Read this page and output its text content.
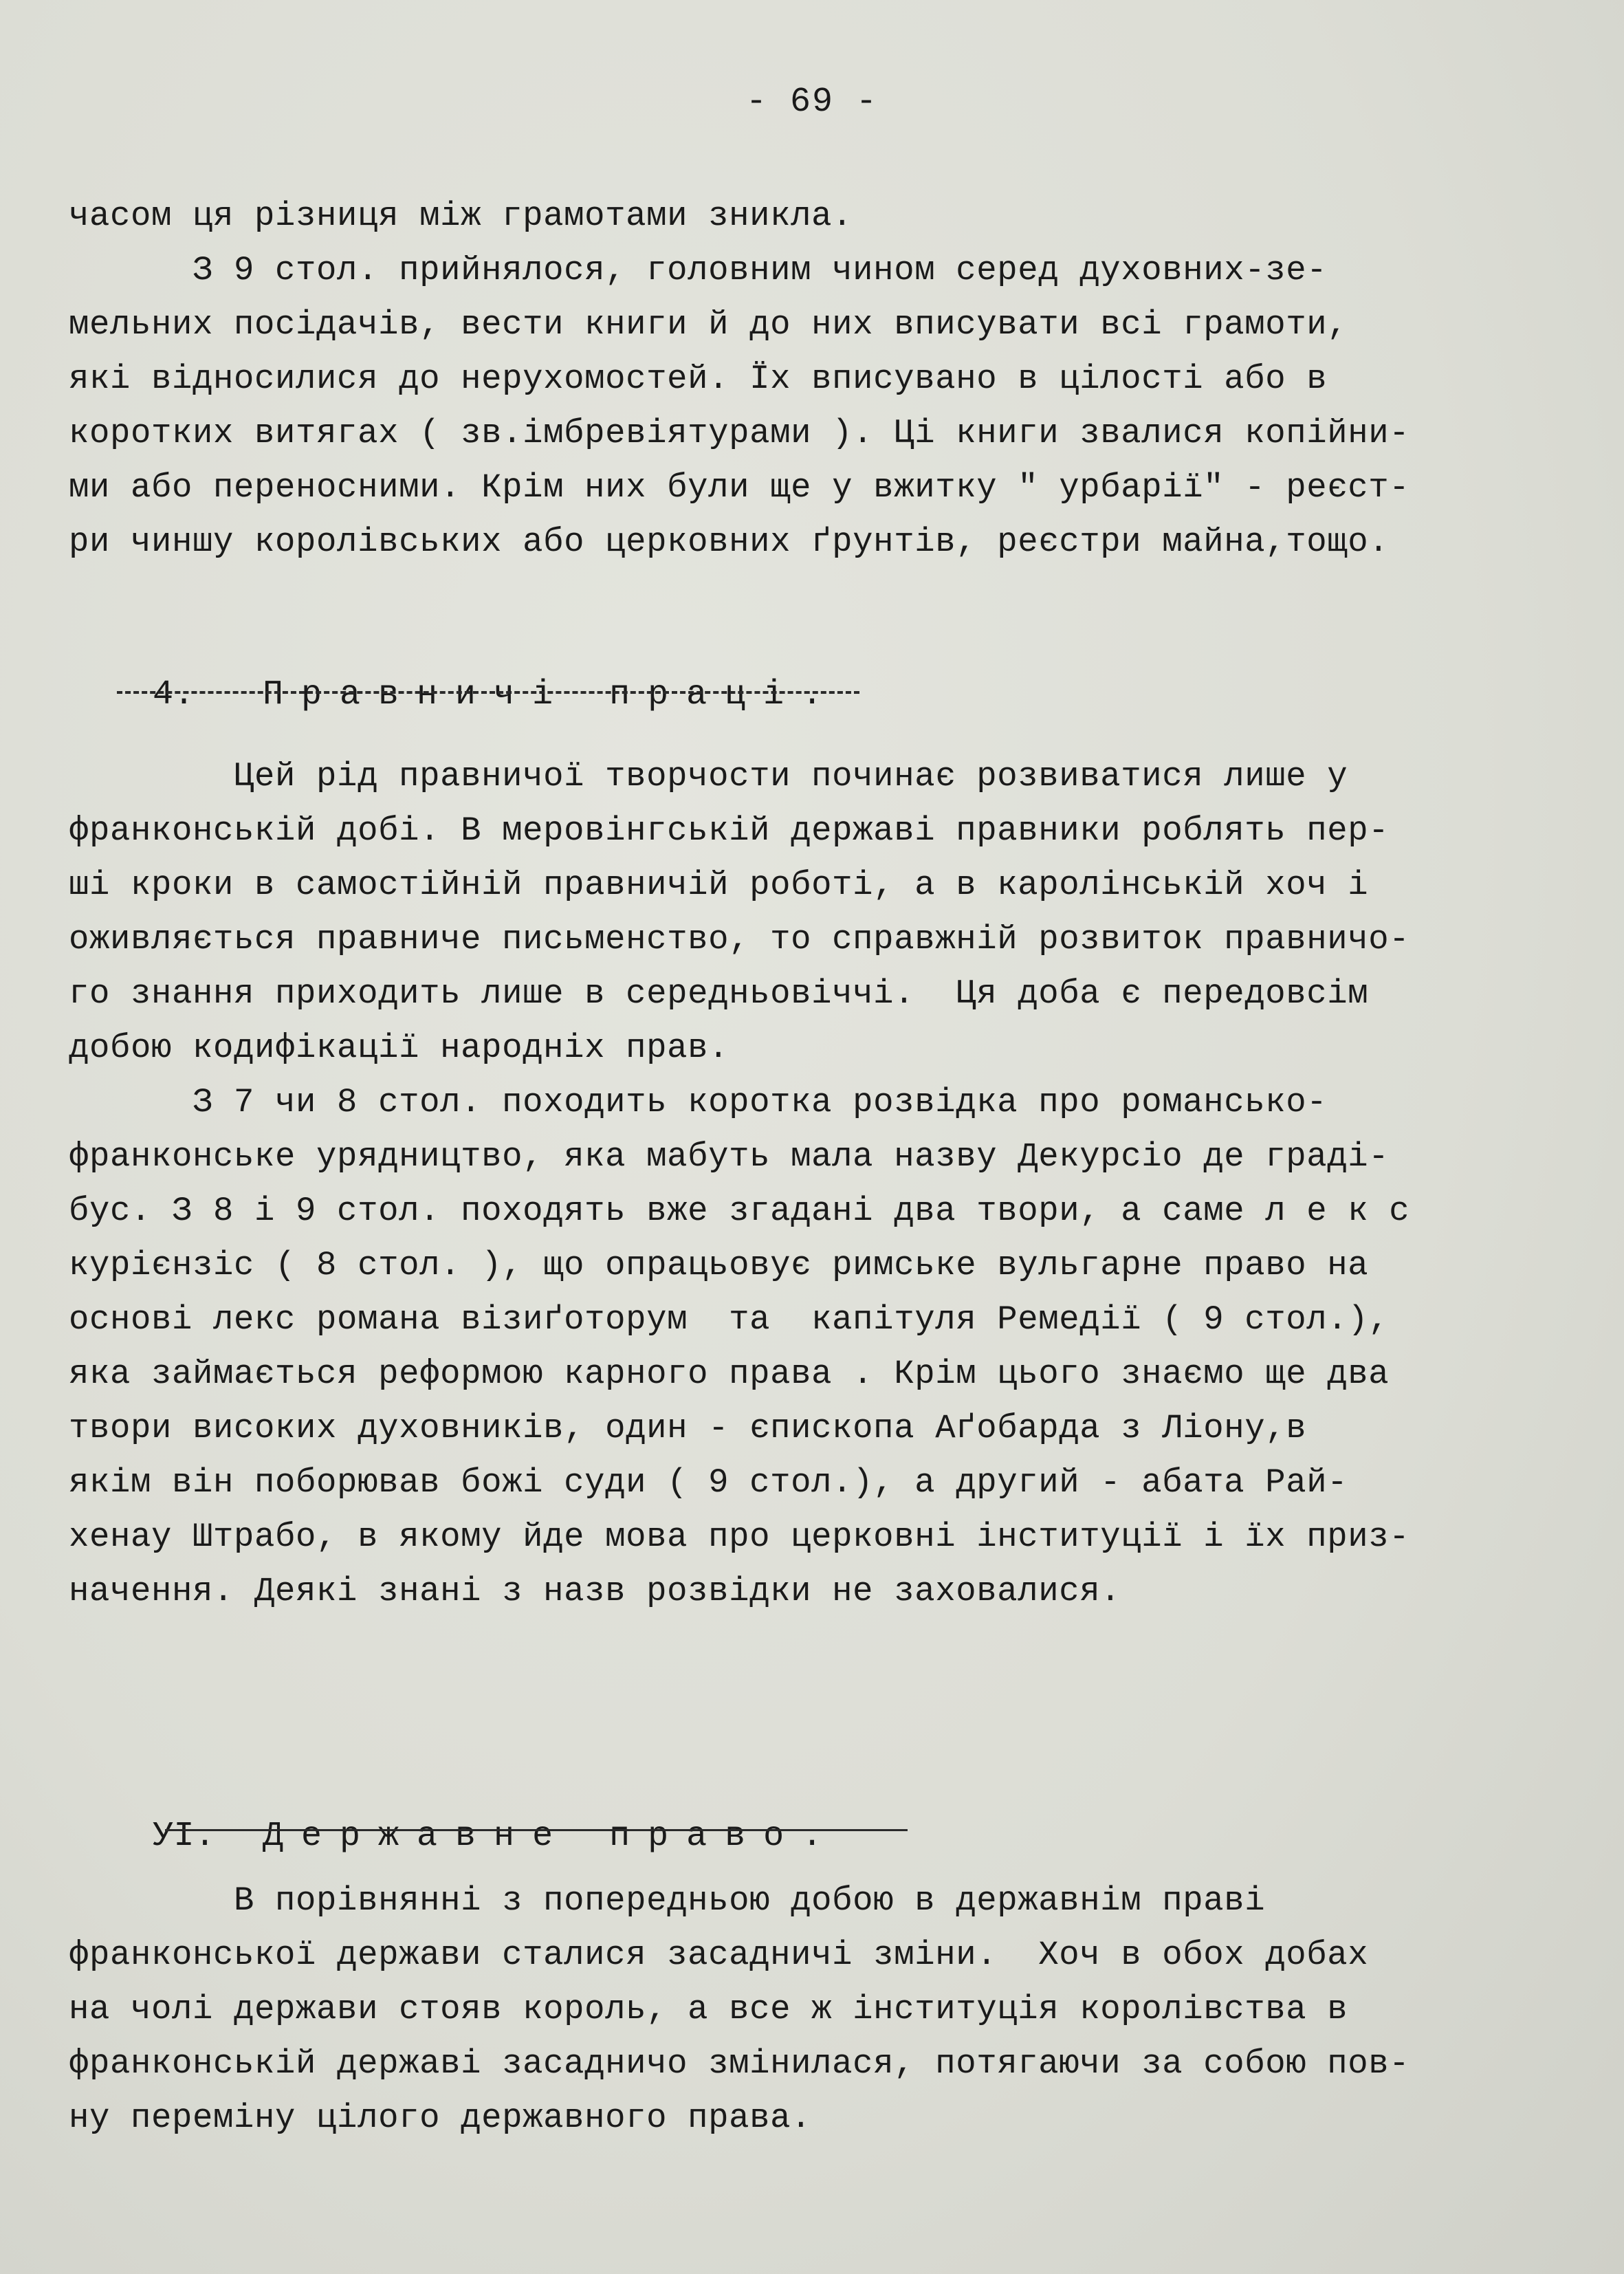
- 69 -
часом ця різниця між грамотами зникла.
З 9 стол. прийнялося, головним чином серед духовних-зе-
мельних посідачів, вести книги й до них вписувати всі грамоти,
які відносилися до нерухомостей. Їх вписувано в цілості або в
коротких витягах ( зв.імбревіятурами ). Ці книги звалися копійни-
ми або переносними. Крім них були ще у вжитку " урбарії" - реєст-
ри чиншу королівських або церковних ґрунтів, реєстри майна,тощо.

4. Правничі праці.

Цей рід правничої творчости починає розвиватися лише у
франконській добі. В меровінгській державі правники роблять пер-
ші кроки в самостійній правничій роботі, а в каролінській хоч і
оживляється правниче письменство, то справжній розвиток правничо-
го знання приходить лише в середньовіччі.  Ця доба є передовсім
добою кодифікації народніх прав.
З 7 чи 8 стол. походить коротка розвідка про романсько-
франконське урядництво, яка мабуть мала назву Декурсіо де граді-
бус. З 8 і 9 стол. походять вже згадані два твори, а саме л е к с
курієнзіс ( 8 стол. ), що опрацьовує римське вульгарне право на
основі лекс романа візиґоторум  та  капітуля Ремедії ( 9 стол.),
яка займається реформою карного права . Крім цього знаємо ще два
твори високих духовників, один - єпископа Аґобарда з Ліону,в
якім він поборював божі суди ( 9 стол.), а другий - абата Рай-
хенау Штрабо, в якому йде мова про церковні інституції і їх приз-
начення. Деякі знані з назв розвідки не заховалися.

УІ. Державне право.

В порівнянні з попередньою добою в державнім праві
франконської держави сталися засадничі зміни.  Хоч в обох добах
на чолі держави стояв король, а все ж інституція королівства в
франконській державі засадничо змінилася, потягаючи за собою пов-
ну переміну цілого державного права.
